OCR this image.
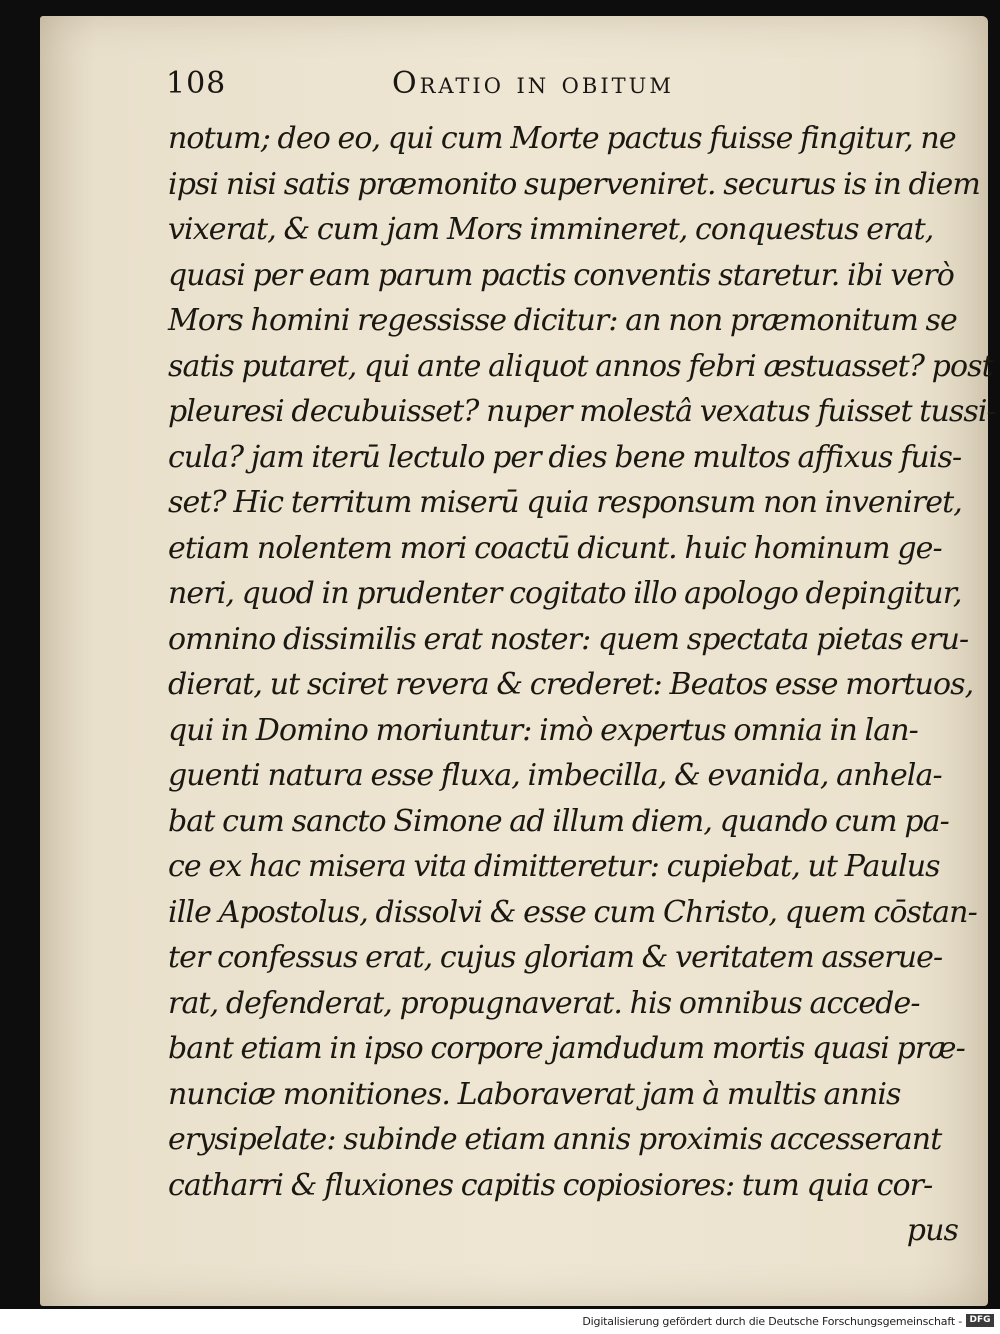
108	Oratio in obitum
notum; deo eo, qui cum Morte pactus fuisse fingitur, ne
ipsi nisi satis præmonito superveniret. securus is in diem
vixerat, & cum jam Mors immineret, conquestus erat,
quasi per eam parum pactis conventis staretur. ibi verò
Mors homini regessisse dicitur: an non præmonitum se
satis putaret, qui ante aliquot annos febri æstuasset? post
pleuresi decubuisset? nuper molestâ vexatus fuisset tussi-
cula? jam iterū lectulo per dies bene multos affixus fuis-
set? Hic territum miserū quia responsum non inveniret,
etiam nolentem mori coactū dicunt. huic hominum ge-
neri, quod in prudenter cogitato illo apologo depingitur,
omnino dissimilis erat noster: quem spectata pietas eru-
dierat, ut sciret revera & crederet: Beatos esse mortuos,
qui in Domino moriuntur: imò expertus omnia in lan-
guenti natura esse fluxa, imbecilla, & evanida, anhela-
bat cum sancto Simone ad illum diem, quando cum pa-
ce ex hac misera vita dimitteretur: cupiebat, ut Paulus
ille Apostolus, dissolvi & esse cum Christo, quem cōstan-
ter confessus erat, cujus gloriam & veritatem asserue-
rat, defenderat, propugnaverat. his omnibus accede-
bant etiam in ipso corpore jamdudum mortis quasi præ-
nunciæ monitiones. Laboraverat jam à multis annis
erysipelate: subinde etiam annis proximis accesserant
catharri & fluxiones capitis copiosiores: tum quia cor-
pus
Digitalisierung gefördert durch die Deutsche Forschungsgemeinschaft - DFG
